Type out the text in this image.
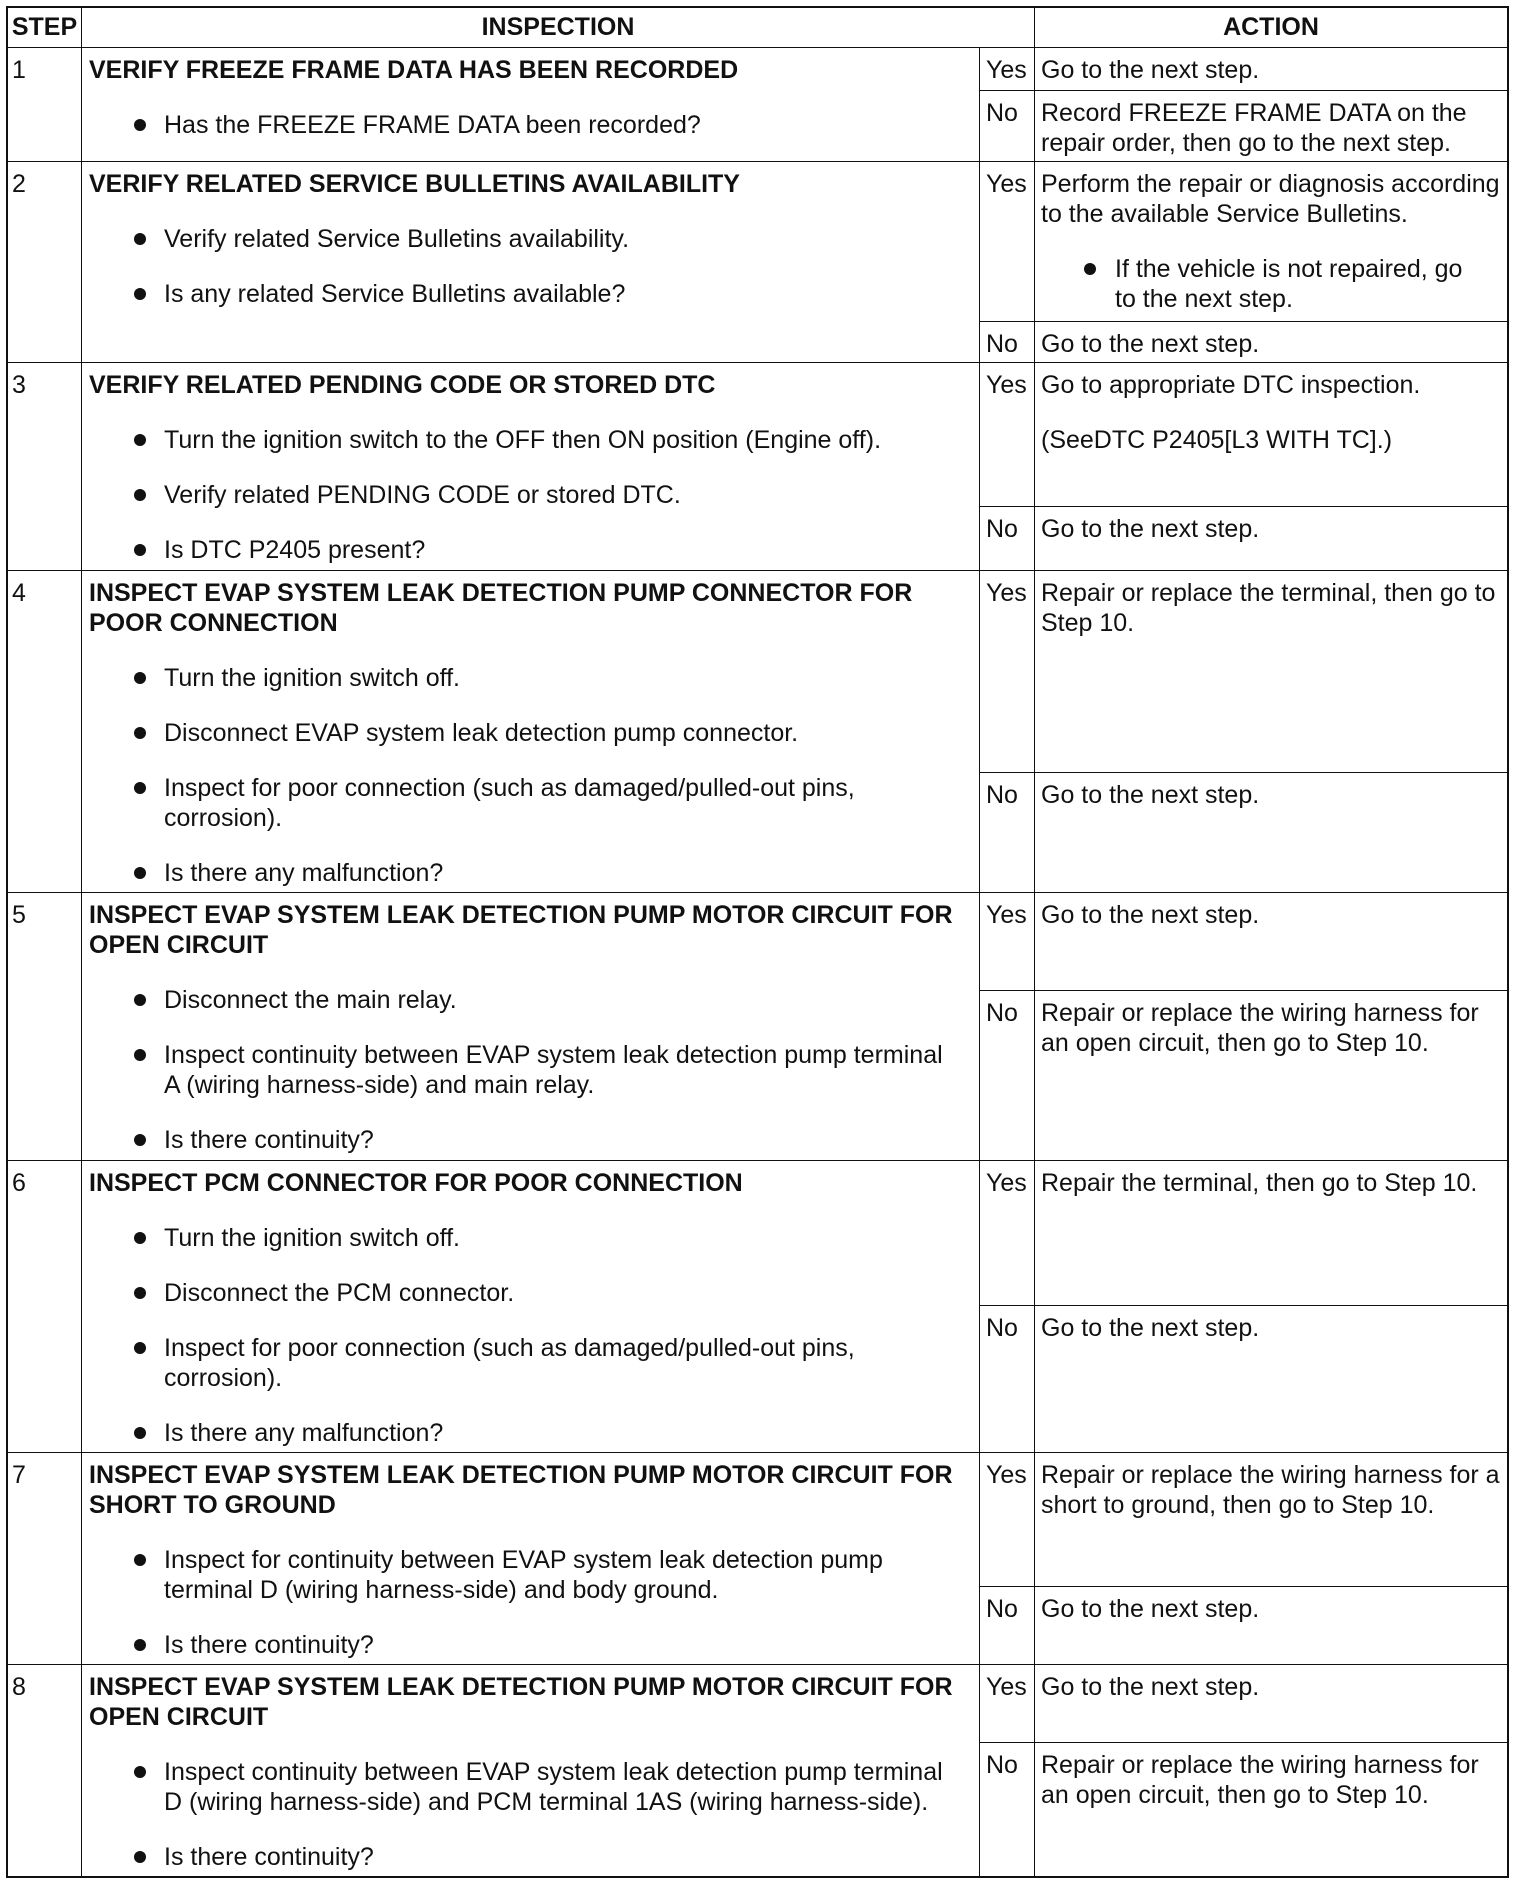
STEP	INSPECTION	ACTION
1	VERIFY FREEZE FRAME DATA HAS BEEN RECORDED
Has the FREEZE FRAME DATA been recorded?
Yes Go to the next step.

No Record FREEZE FRAME DATA on the repair order, then go to the next step.

2	VERIFY RELATED SERVICE BULLETINS AVAILABILITY
Verify related Service Bulletins availability.
Is any related Service Bulletins available?
Yes Perform the repair or diagnosis according to the available Service Bulletins.

If the vehicle is not repaired, go to the next step.
No Go to the next step.

3	VERIFY RELATED PENDING CODE OR STORED DTC
Turn the ignition switch to the OFF then ON position (Engine off).
Verify related PENDING CODE or stored DTC.
Is DTC P2405 present?
Yes Go to appropriate DTC inspection.

(SeeDTC P2405[L3 WITH TC].)

No Go to the next step.

4	INSPECT EVAP SYSTEM LEAK DETECTION PUMP CONNECTOR FOR POOR CONNECTION
Turn the ignition switch off.
Disconnect EVAP system leak detection pump connector.
Inspect for poor connection (such as damaged/pulled-out pins, corrosion).
Is there any malfunction?
Yes Repair or replace the terminal, then go to Step 10.

No Go to the next step.

5	INSPECT EVAP SYSTEM LEAK DETECTION PUMP MOTOR CIRCUIT FOR OPEN CIRCUIT
Disconnect the main relay.
Inspect continuity between EVAP system leak detection pump terminal A (wiring harness-side) and main relay.
Is there continuity?
Yes Go to the next step.

No Repair or replace the wiring harness for an open circuit, then go to Step 10.

6	INSPECT PCM CONNECTOR FOR POOR CONNECTION
Turn the ignition switch off.
Disconnect the PCM connector.
Inspect for poor connection (such as damaged/pulled-out pins, corrosion).
Is there any malfunction?
Yes Repair the terminal, then go to Step 10.

No Go to the next step.

7	INSPECT EVAP SYSTEM LEAK DETECTION PUMP MOTOR CIRCUIT FOR SHORT TO GROUND
Inspect for continuity between EVAP system leak detection pump terminal D (wiring harness-side) and body ground.
Is there continuity?
Yes Repair or replace the wiring harness for a short to ground, then go to Step 10.

No Go to the next step.

8	INSPECT EVAP SYSTEM LEAK DETECTION PUMP MOTOR CIRCUIT FOR OPEN CIRCUIT
Inspect continuity between EVAP system leak detection pump terminal D (wiring harness-side) and PCM terminal 1AS (wiring harness-side).
Is there continuity?
Yes Go to the next step.

No Repair or replace the wiring harness for an open circuit, then go to Step 10.
